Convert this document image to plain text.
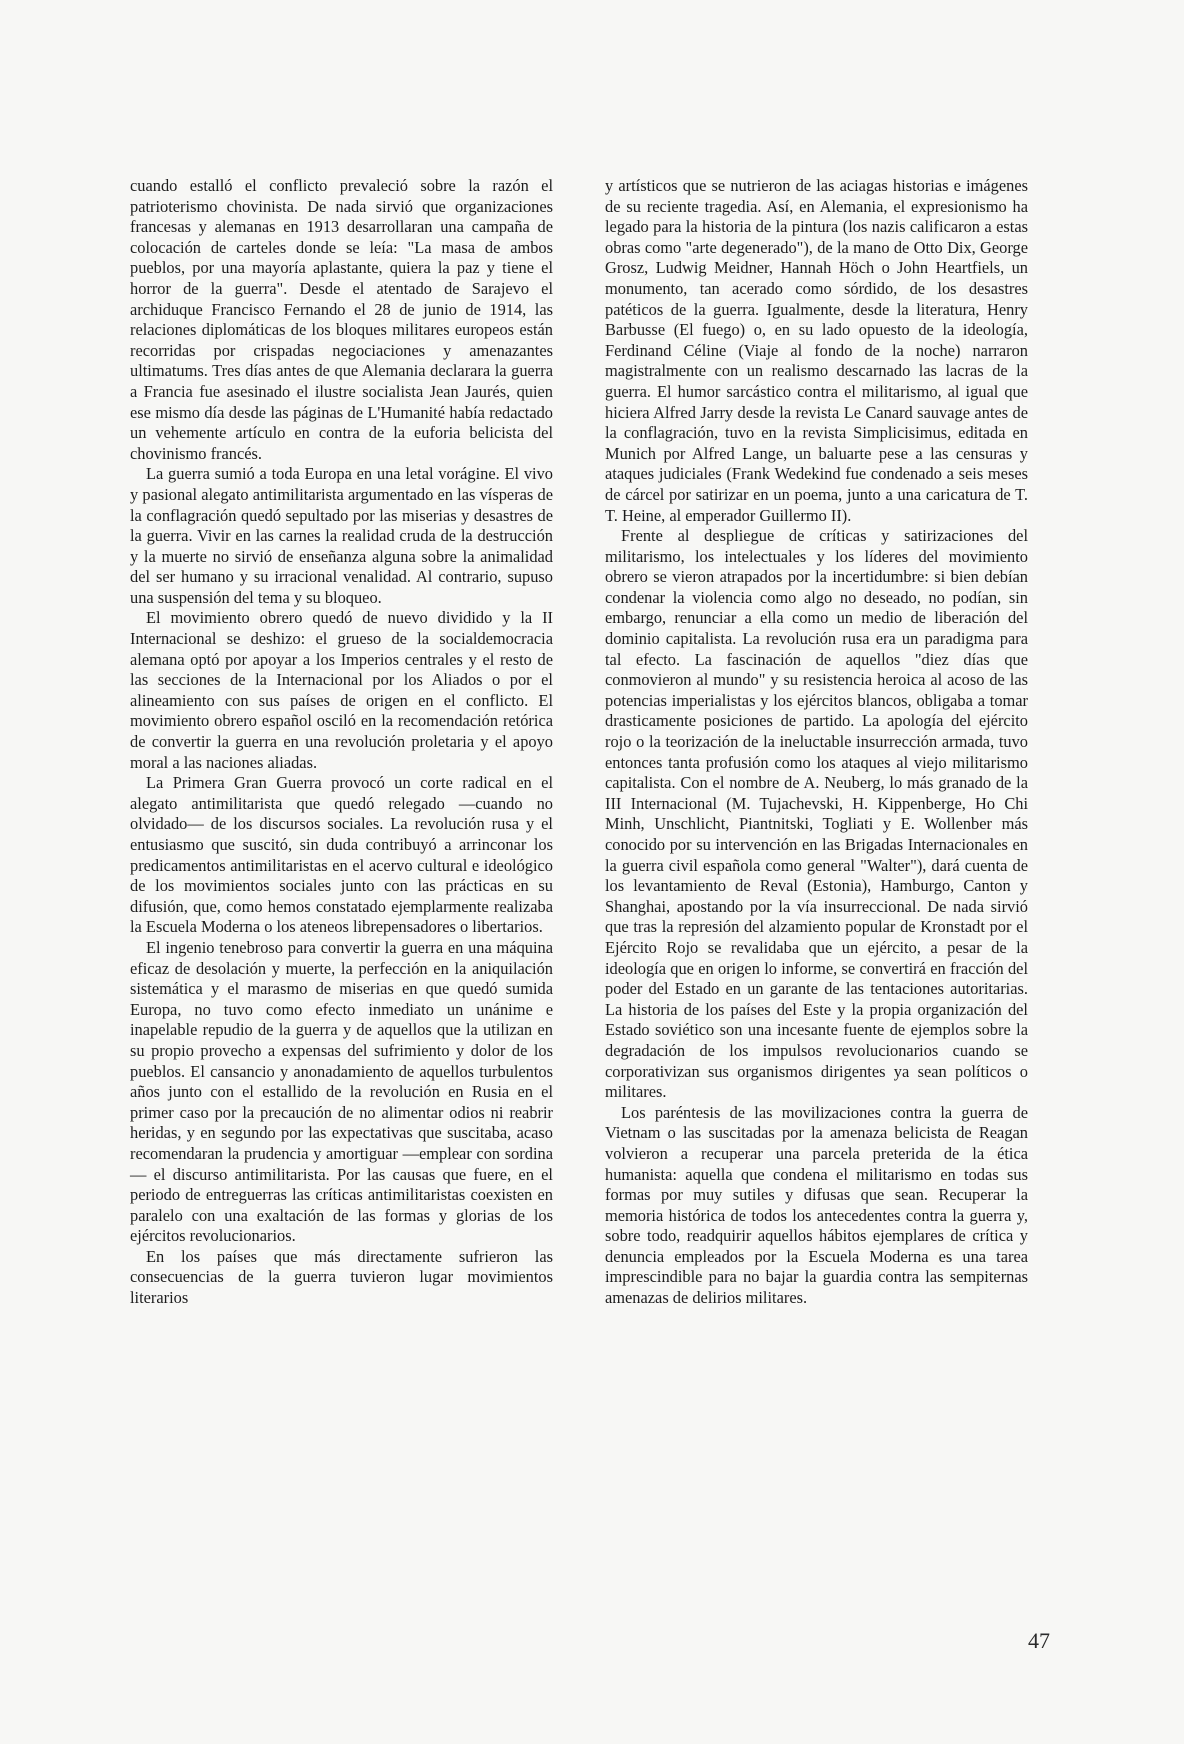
cuando estalló el conflicto prevaleció sobre la razón el patrioterismo chovinista. De nada sirvió que organizaciones francesas y alemanas en 1913 desarrollaran una campaña de colocación de carteles donde se leía: "La masa de ambos pueblos, por una mayoría aplastante, quiera la paz y tiene el horror de la guerra". Desde el atentado de Sarajevo el archiduque Francisco Fernando el 28 de junio de 1914, las relaciones diplomáticas de los bloques militares europeos están recorridas por crispadas negociaciones y amenazantes ultimatums. Tres días antes de que Alemania declarara la guerra a Francia fue asesinado el ilustre socialista Jean Jaurés, quien ese mismo día desde las páginas de L'Humanité había redactado un vehemente artículo en contra de la euforia belicista del chovinismo francés.

La guerra sumió a toda Europa en una letal vorágine. El vivo y pasional alegato antimilitarista argumentado en las vísperas de la conflagración quedó sepultado por las miserias y desastres de la guerra. Vivir en las carnes la realidad cruda de la destrucción y la muerte no sirvió de enseñanza alguna sobre la animalidad del ser humano y su irracional venalidad. Al contrario, supuso una suspensión del tema y su bloqueo.

El movimiento obrero quedó de nuevo dividido y la II Internacional se deshizo: el grueso de la socialdemocracia alemana optó por apoyar a los Imperios centrales y el resto de las secciones de la Internacional por los Aliados o por el alineamiento con sus países de origen en el conflicto. El movimiento obrero español osciló en la recomendación retórica de convertir la guerra en una revolución proletaria y el apoyo moral a las naciones aliadas.

La Primera Gran Guerra provocó un corte radical en el alegato antimilitarista que quedó relegado —cuando no olvidado— de los discursos sociales. La revolución rusa y el entusiasmo que suscitó, sin duda contribuyó a arrinconar los predicamentos antimilitaristas en el acervo cultural e ideológico de los movimientos sociales junto con las prácticas en su difusión, que, como hemos constatado ejemplarmente realizaba la Escuela Moderna o los ateneos librepensadores o libertarios.

El ingenio tenebroso para convertir la guerra en una máquina eficaz de desolación y muerte, la perfección en la aniquilación sistemática y el marasmo de miserias en que quedó sumida Europa, no tuvo como efecto inmediato un unánime e inapelable repudio de la guerra y de aquellos que la utilizan en su propio provecho a expensas del sufrimiento y dolor de los pueblos. El cansancio y anonadamiento de aquellos turbulentos años junto con el estallido de la revolución en Rusia en el primer caso por la precaución de no alimentar odios ni reabrir heridas, y en segundo por las expectativas que suscitaba, acaso recomendaran la prudencia y amortiguar —emplear con sordina— el discurso antimilitarista. Por las causas que fuere, en el periodo de entreguerras las críticas antimilitaristas coexisten en paralelo con una exaltación de las formas y glorias de los ejércitos revolucionarios.

En los países que más directamente sufrieron las consecuencias de la guerra tuvieron lugar movimientos literarios

y artísticos que se nutrieron de las aciagas historias e imágenes de su reciente tragedia. Así, en Alemania, el expresionismo ha legado para la historia de la pintura (los nazis calificaron a estas obras como "arte degenerado"), de la mano de Otto Dix, George Grosz, Ludwig Meidner, Hannah Höch o John Heartfiels, un monumento, tan acerado como sórdido, de los desastres patéticos de la guerra. Igualmente, desde la literatura, Henry Barbusse (El fuego) o, en su lado opuesto de la ideología, Ferdinand Céline (Viaje al fondo de la noche) narraron magistralmente con un realismo descarnado las lacras de la guerra. El humor sarcástico contra el militarismo, al igual que hiciera Alfred Jarry desde la revista Le Canard sauvage antes de la conflagración, tuvo en la revista Simplicisimus, editada en Munich por Alfred Lange, un baluarte pese a las censuras y ataques judiciales (Frank Wedekind fue condenado a seis meses de cárcel por satirizar en un poema, junto a una caricatura de T. T. Heine, al emperador Guillermo II).

Frente al despliegue de críticas y satirizaciones del militarismo, los intelectuales y los líderes del movimiento obrero se vieron atrapados por la incertidumbre: si bien debían condenar la violencia como algo no deseado, no podían, sin embargo, renunciar a ella como un medio de liberación del dominio capitalista. La revolución rusa era un paradigma para tal efecto. La fascinación de aquellos "diez días que conmovieron al mundo" y su resistencia heroica al acoso de las potencias imperialistas y los ejércitos blancos, obligaba a tomar drasticamente posiciones de partido. La apología del ejército rojo o la teorización de la ineluctable insurrección armada, tuvo entonces tanta profusión como los ataques al viejo militarismo capitalista. Con el nombre de A. Neuberg, lo más granado de la III Internacional (M. Tujachevski, H. Kippenberge, Ho Chi Minh, Unschlicht, Piantnitski, Togliati y E. Wollenber más conocido por su intervención en las Brigadas Internacionales en la guerra civil española como general "Walter"), dará cuenta de los levantamiento de Reval (Estonia), Hamburgo, Canton y Shanghai, apostando por la vía insurreccional. De nada sirvió que tras la represión del alzamiento popular de Kronstadt por el Ejército Rojo se revalidaba que un ejército, a pesar de la ideología que en origen lo informe, se convertirá en fracción del poder del Estado en un garante de las tentaciones autoritarias. La historia de los países del Este y la propia organización del Estado soviético son una incesante fuente de ejemplos sobre la degradación de los impulsos revolucionarios cuando se corporativizan sus organismos dirigentes ya sean políticos o militares.

Los paréntesis de las movilizaciones contra la guerra de Vietnam o las suscitadas por la amenaza belicista de Reagan volvieron a recuperar una parcela preterida de la ética humanista: aquella que condena el militarismo en todas sus formas por muy sutiles y difusas que sean. Recuperar la memoria histórica de todos los antecedentes contra la guerra y, sobre todo, readquirir aquellos hábitos ejemplares de crítica y denuncia empleados por la Escuela Moderna es una tarea imprescindible para no bajar la guardia contra las sempiternas amenazas de delirios militares.

47
